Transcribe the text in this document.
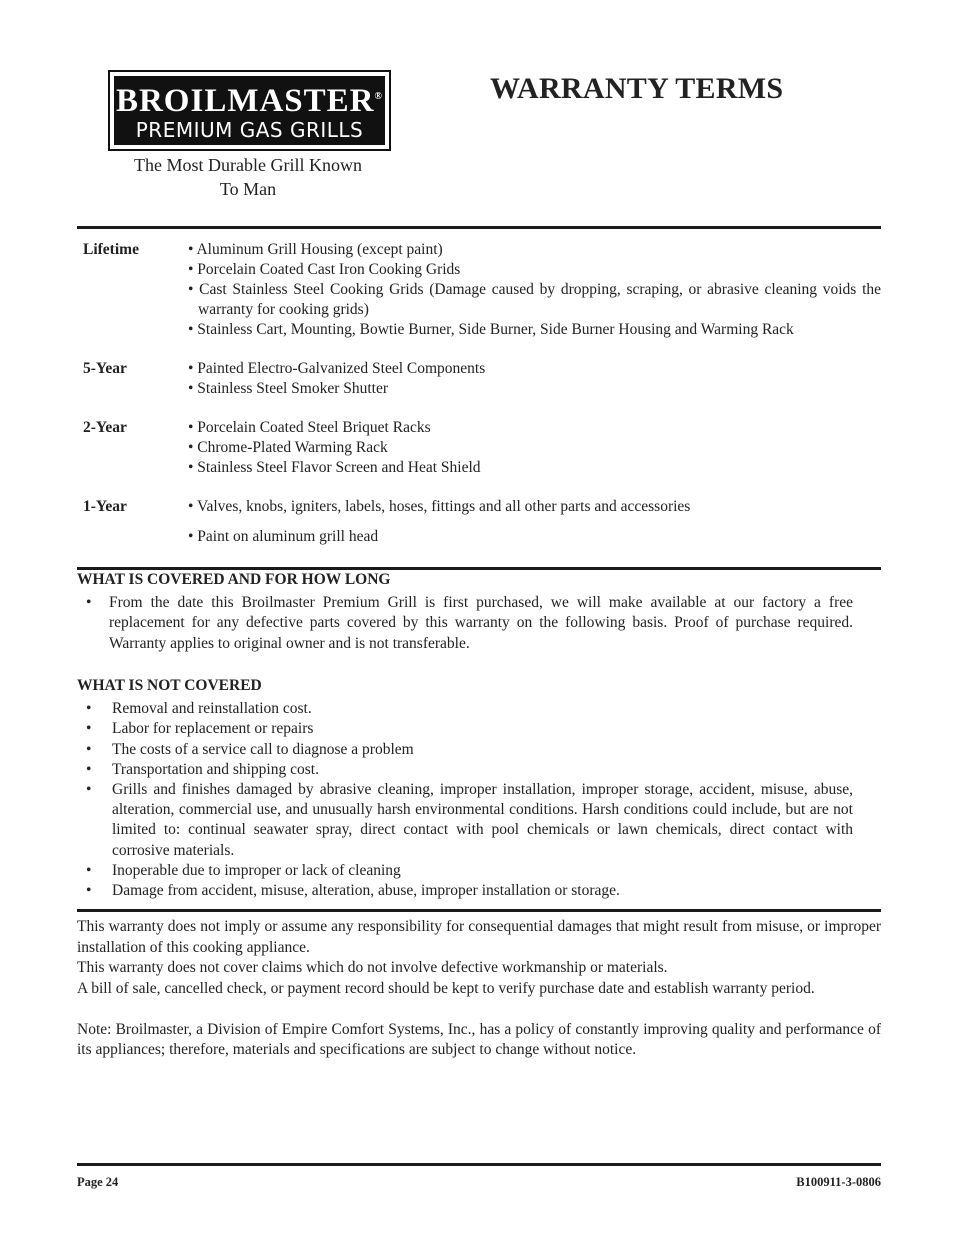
BROILMASTER®
PREMIUM GAS GRILLS
The Most Durable Grill Known
To Man
WARRANTY TERMS
Lifetime	• Aluminum Grill Housing (except paint)
• Porcelain Coated Cast Iron Cooking Grids
• Cast Stainless Steel Cooking Grids (Damage caused by dropping, scraping, or abrasive cleaning voids the warranty for cooking grids)
• Stainless Cart, Mounting, Bowtie Burner, Side Burner, Side Burner Housing and Warming Rack
5-Year	• Painted Electro-Galvanized Steel Components
• Stainless Steel Smoker Shutter
2-Year	• Porcelain Coated Steel Briquet Racks
• Chrome-Plated Warming Rack
• Stainless Steel Flavor Screen and Heat Shield
1-Year	• Valves, knobs, igniters, labels, hoses, fittings and all other parts and accessories
• Paint on aluminum grill head
WHAT IS COVERED AND FOR HOW LONG
• From the date this Broilmaster Premium Grill is first purchased, we will make available at our factory a free replacement for any defective parts covered by this warranty on the following basis. Proof of purchase required. Warranty applies to original owner and is not transferable.
WHAT IS NOT COVERED
• Removal and reinstallation cost.
• Labor for replacement or repairs
• The costs of a service call to diagnose a problem
• Transportation and shipping cost.
• Grills and finishes damaged by abrasive cleaning, improper installation, improper storage, accident, misuse, abuse, alteration, commercial use, and unusually harsh environmental conditions. Harsh conditions could include, but are not limited to: continual seawater spray, direct contact with pool chemicals or lawn chemicals, direct contact with corrosive materials.
• Inoperable due to improper or lack of cleaning
• Damage from accident, misuse, alteration, abuse, improper installation or storage.

This warranty does not imply or assume any responsibility for consequential damages that might result from misuse, or improper installation of this cooking appliance.

This warranty does not cover claims which do not involve defective workmanship or materials.

A bill of sale, cancelled check, or payment record should be kept to verify purchase date and establish warranty period.

Note: Broilmaster, a Division of Empire Comfort Systems, Inc., has a policy of constantly improving quality and performance of its appliances; therefore, materials and specifications are subject to change without notice.

Page 24	B100911-3-0806
